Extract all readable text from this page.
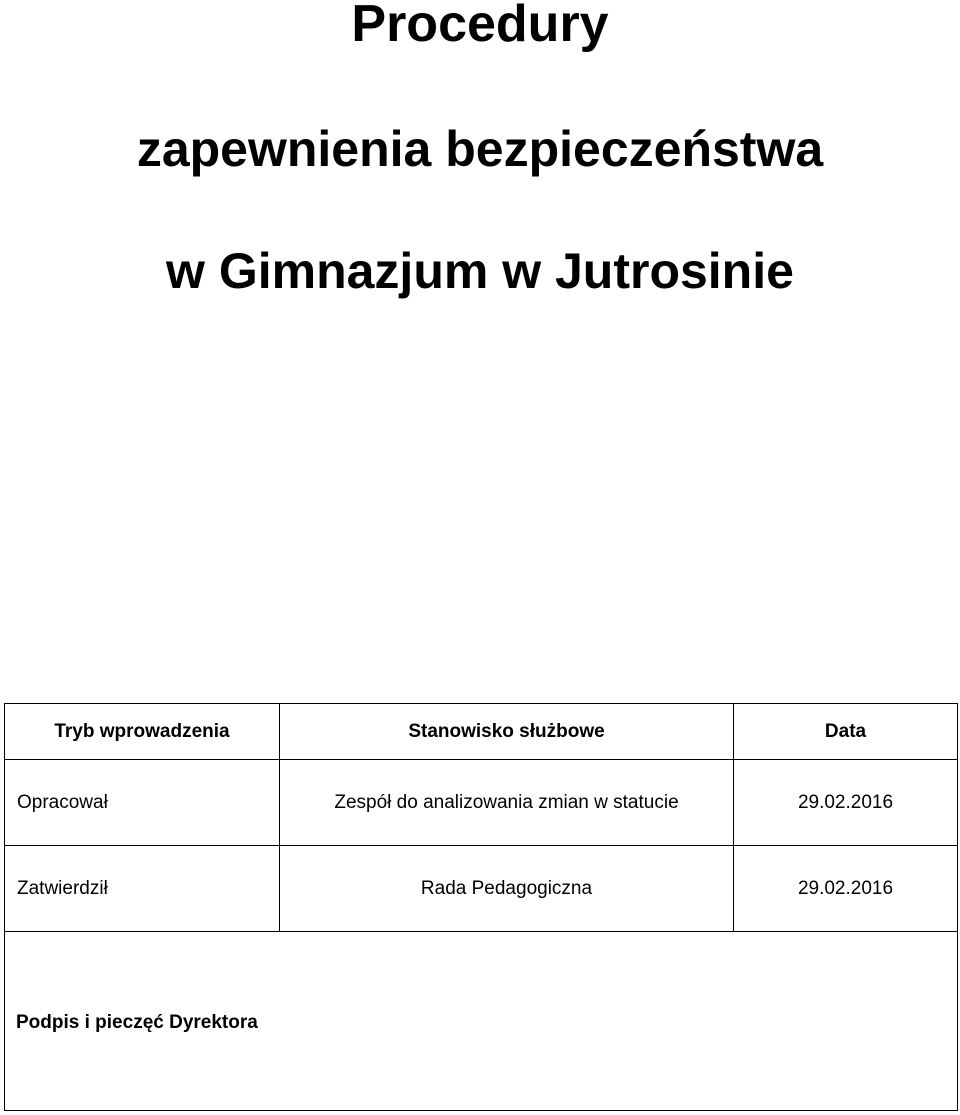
Procedury
zapewnienia bezpieczeństwa
w Gimnazjum w Jutrosinie
Tryb wprowadzenia	Stanowisko służbowe	Data
Opracował	Zespół do analizowania zmian w statucie	29.02.2016
Zatwierdził	Rada Pedagogiczna	29.02.2016

Podpis i pieczęć Dyrektora		
